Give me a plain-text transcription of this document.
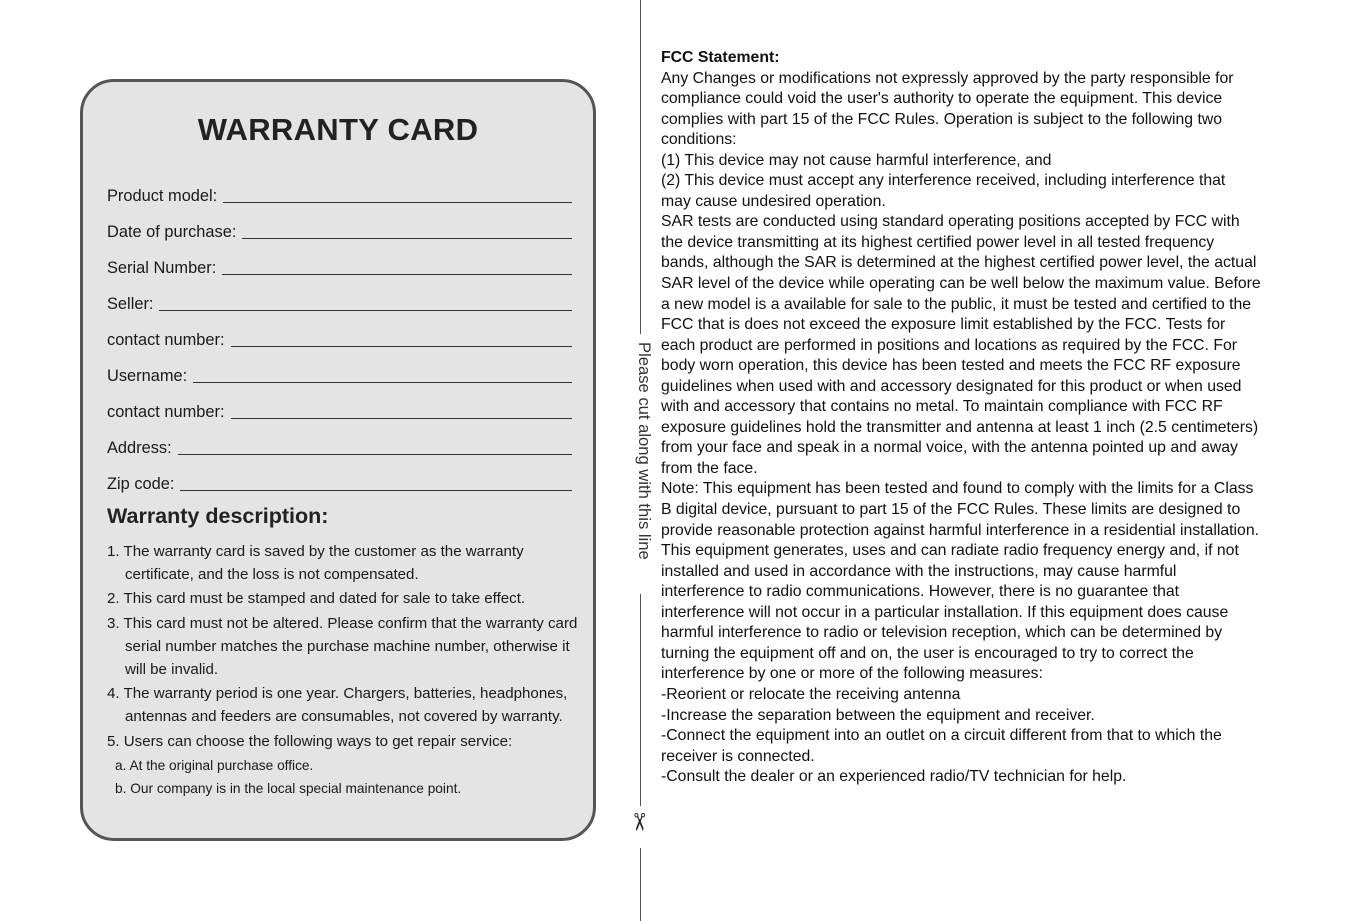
WARRANTY CARD
Product model:
Date of purchase:
Serial Number:
Seller:
contact number:
Username:
contact number:
Address:
Zip code:
Warranty description:
1. The warranty card is saved by the customer as the warranty certificate, and the loss is not compensated.
2. This card must be stamped and dated for sale to take effect.
3. This card must not be altered. Please confirm that the warranty card serial number matches the purchase machine number, otherwise it will be invalid.
4. The warranty period is one year. Chargers, batteries, headphones, antennas and feeders are consumables, not covered by warranty.
5. Users can choose the following ways to get repair service:
a. At the original purchase office.
b. Our company is in the local special maintenance point.
Please cut along with this line
✂
FCC Statement:
Any Changes or modifications not expressly approved by the party responsible for
compliance could void the user's authority to operate the equipment. This device
complies with part 15 of the FCC Rules. Operation is subject to the following two
conditions:
(1) This device may not cause harmful interference, and
(2) This device must accept any interference received, including interference that
may cause undesired operation.
SAR tests are conducted using standard operating positions accepted by FCC with
the device transmitting at its highest certified power level in all tested frequency
bands, although the SAR is determined at the highest certified power level, the actual
SAR level of the device while operating can be well below the maximum value. Before
a new model is a available for sale to the public, it must be tested and certified to the
FCC that is does not exceed the exposure limit established by the FCC. Tests for
each product are performed in positions and locations as required by the FCC. For
body worn operation, this device has been tested and meets the FCC RF exposure
guidelines when used with and accessory designated for this product or when used
with and accessory that contains no metal. To maintain compliance with FCC RF
exposure guidelines hold the transmitter and antenna at least 1 inch (2.5 centimeters)
from your face and speak in a normal voice, with the antenna pointed up and away
from the face.
Note: This equipment has been tested and found to comply with the limits for a Class
B digital device, pursuant to part 15 of the FCC Rules. These limits are designed to
provide reasonable protection against harmful interference in a residential installation.
This equipment generates, uses and can radiate radio frequency energy and, if not
installed and used in accordance with the instructions, may cause harmful
interference to radio communications. However, there is no guarantee that
interference will not occur in a particular installation. If this equipment does cause
harmful interference to radio or television reception, which can be determined by
turning the equipment off and on, the user is encouraged to try to correct the
interference by one or more of the following measures:
-Reorient or relocate the receiving antenna
-Increase the separation between the equipment and receiver.
-Connect the equipment into an outlet on a circuit different from that to which the
receiver is connected.
-Consult the dealer or an experienced radio/TV technician for help.
